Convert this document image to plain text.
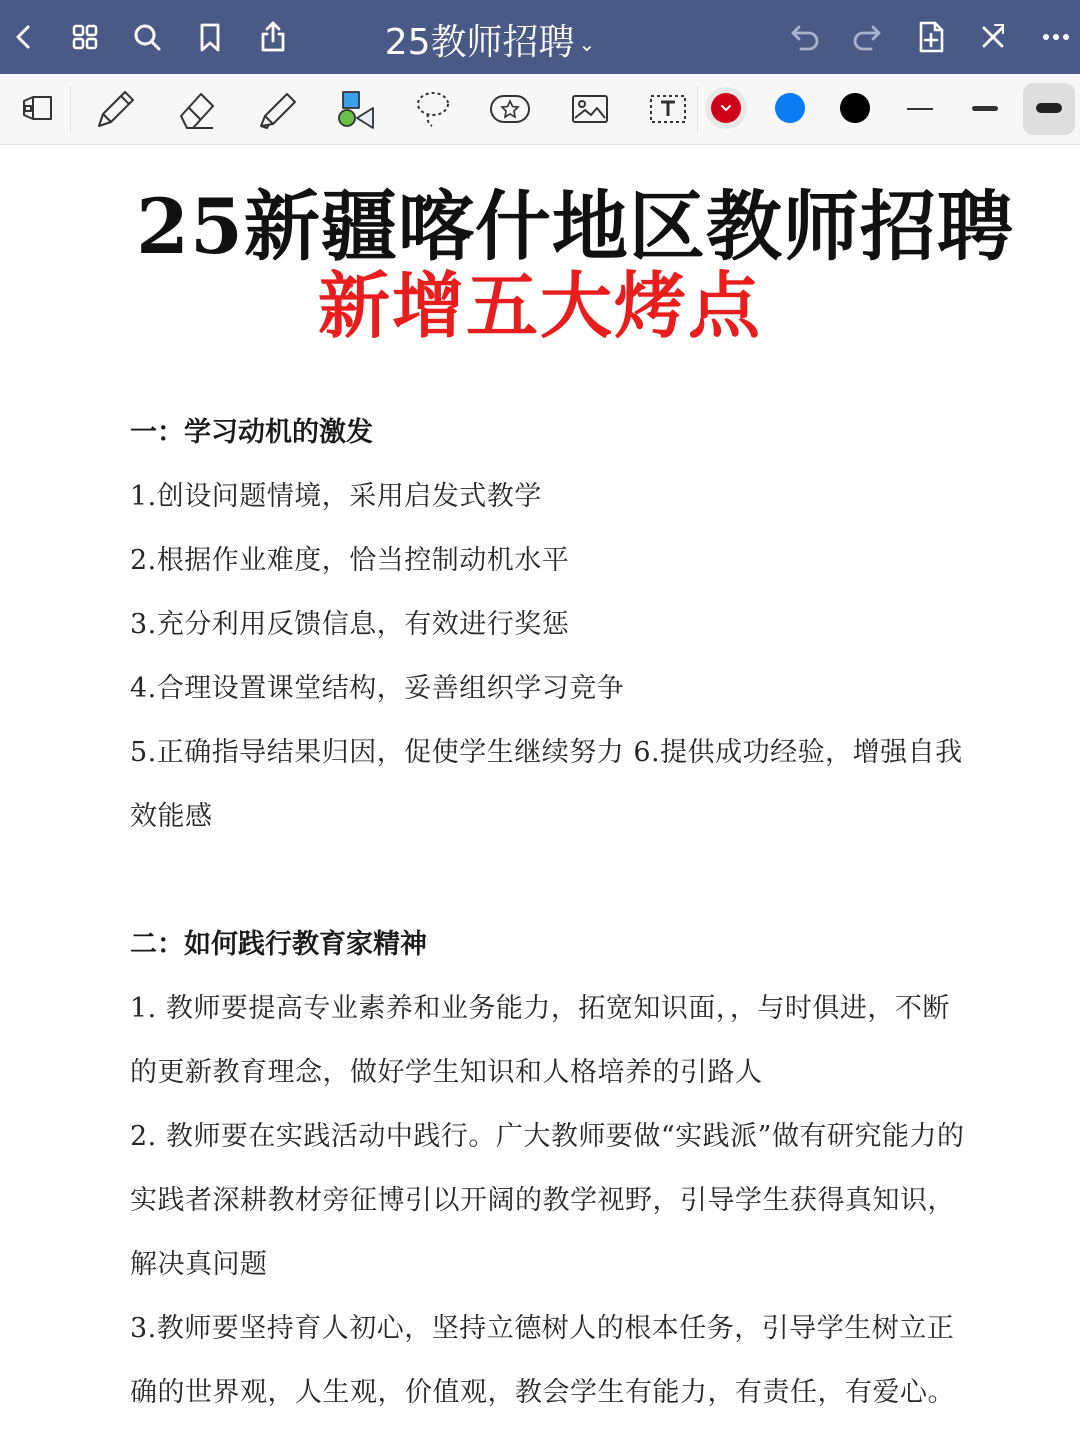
25教师招聘 ⌄
25新疆喀什地区教师招聘
新增五大烤点
一：学习动机的激发
1.创设问题情境，采用启发式教学
2.根据作业难度，恰当控制动机水平
3.充分利用反馈信息，有效进行奖惩
4.合理设置课堂结构，妥善组织学习竞争
5.正确指导结果归因，促使学生继续努力 6.提供成功经验，增强自我
效能感
二：如何践行教育家精神
1. 教师要提高专业素养和业务能力，拓宽知识面，，与时俱进，不断
的更新教育理念，做好学生知识和人格培养的引路人
2. 教师要在实践活动中践行。广大教师要做“实践派”做有研究能力的
实践者深耕教材旁征博引以开阔的教学视野，引导学生获得真知识，
解决真问题
3.教师要坚持育人初心，坚持立德树人的根本任务，引导学生树立正
确的世界观，人生观，价值观，教会学生有能力，有责任，有爱心。
